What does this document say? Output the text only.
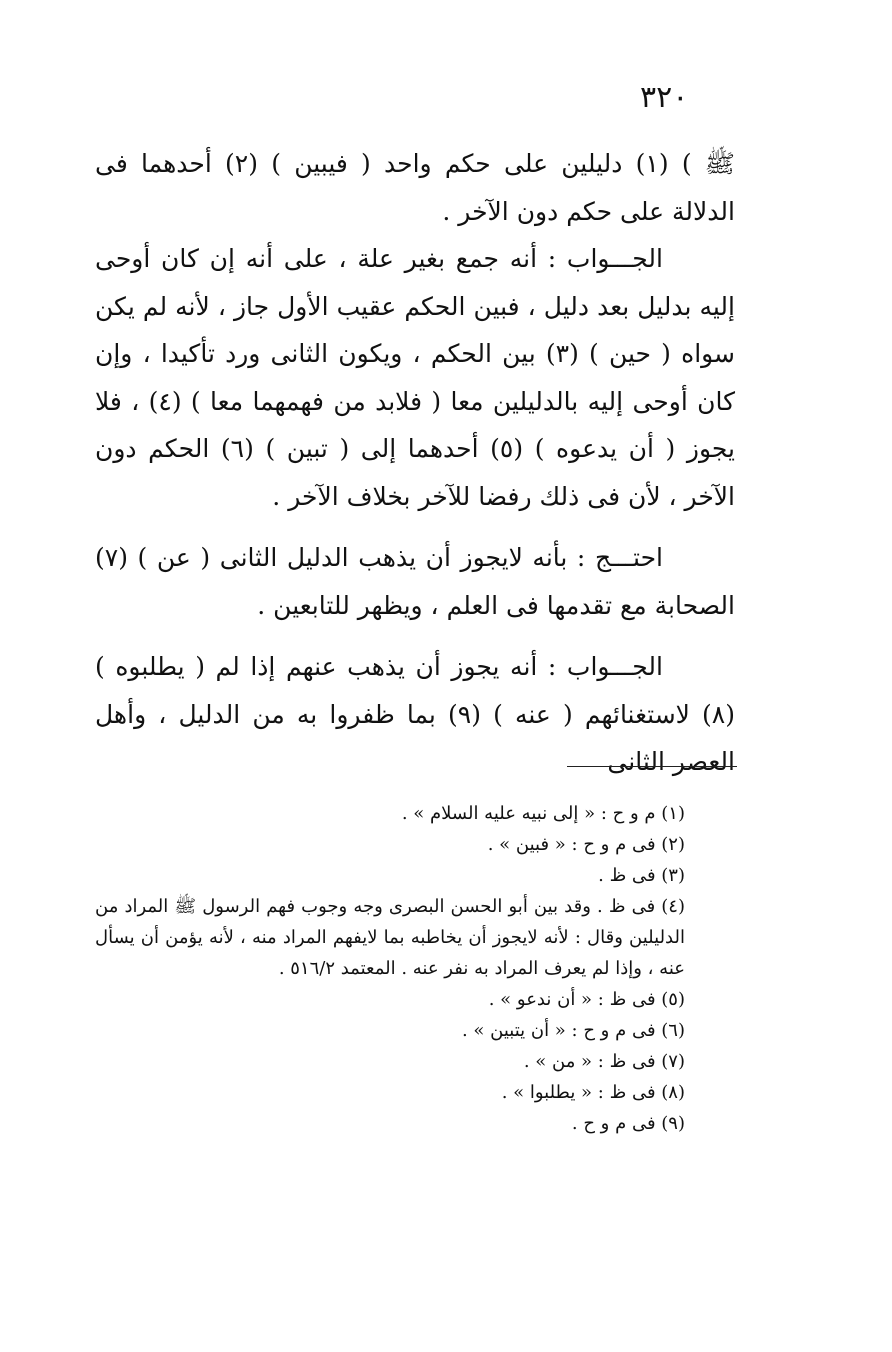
٣٢٠

ﷺ ) (١) دليلين على حكم واحد ( فيبين ) (٢) أحدهما فى الدلالة على حكم دون الآخر .

الجـــواب : أنه جمع بغير علة ، على أنه إن كان أوحى إليه بدليل بعد دليل ، فبين الحكم عقيب الأول جاز ، لأنه لم يكن سواه ( حين ) (٣) بين الحكم ، ويكون الثانى ورد تأكيدا ، وإن كان أوحى إليه بالدليلين معا ( فلابد من فهمهما معا ) (٤) ، فلا يجوز ( أن يدعوه ) (٥) أحدهما إلى ( تبين ) (٦) الحكم دون الآخر ، لأن فى ذلك رفضا للآخر بخلاف الآخر .

احتـــج : بأنه لايجوز أن يذهب الدليل الثانى ( عن ) (٧) الصحابة مع تقدمها فى العلم ، ويظهر للتابعين .

الجـــواب : أنه يجوز أن يذهب عنهم إذا لم ( يطلبوه ) (٨) لاستغنائهم ( عنه ) (٩) بما ظفروا به من الدليل ، وأهل العصر الثانى

(١) م و ح : « إلى نبيه عليه السلام » .

(٢) فى م و ح : « فبين » .

(٣) فى ظ .

(٤) فى ظ . وقد بين أبو الحسن البصرى وجه وجوب فهم الرسول ﷺ المراد من الدليلين وقال : لأنه لايجوز أن يخاطبه بما لايفهم المراد منه ، لأنه يؤمن أن يسأل عنه ، وإذا لم يعرف المراد به نفر عنه . المعتمد ٥١٦/٢ .

(٥) فى ظ : « أن ندعو » .

(٦) فى م و ح : « أن يتبين » .

(٧) فى ظ : « من » .

(٨) فى ظ : « يطلبوا » .

(٩) فى م و ح .
